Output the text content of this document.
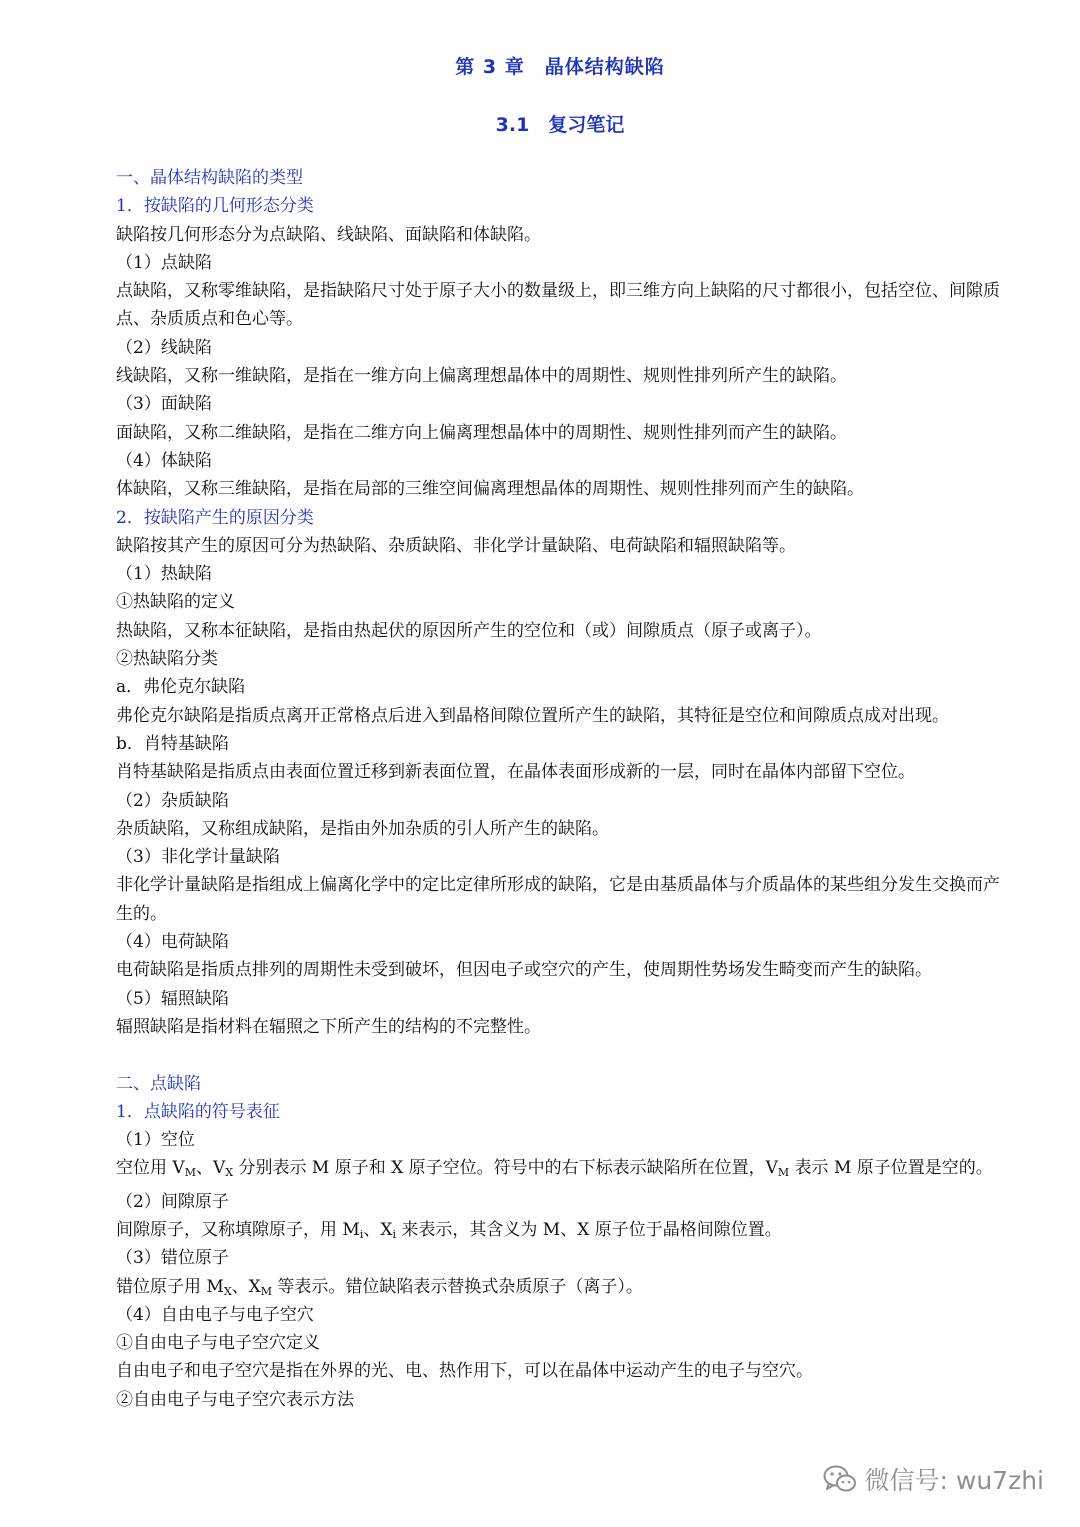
第 3 章　晶体结构缺陷
3.1　复习笔记
一、晶体结构缺陷的类型
1．按缺陷的几何形态分类
缺陷按几何形态分为点缺陷、线缺陷、面缺陷和体缺陷。
（1）点缺陷
点缺陷，又称零维缺陷，是指缺陷尺寸处于原子大小的数量级上，即三维方向上缺陷的尺寸都很小，包括空位、间隙质点、杂质质点和色心等。
（2）线缺陷
线缺陷，又称一维缺陷，是指在一维方向上偏离理想晶体中的周期性、规则性排列所产生的缺陷。
（3）面缺陷
面缺陷，又称二维缺陷，是指在二维方向上偏离理想晶体中的周期性、规则性排列而产生的缺陷。
（4）体缺陷
体缺陷，又称三维缺陷，是指在局部的三维空间偏离理想晶体的周期性、规则性排列而产生的缺陷。
2．按缺陷产生的原因分类
缺陷按其产生的原因可分为热缺陷、杂质缺陷、非化学计量缺陷、电荷缺陷和辐照缺陷等。
（1）热缺陷
①热缺陷的定义
热缺陷，又称本征缺陷，是指由热起伏的原因所产生的空位和（或）间隙质点（原子或离子）。
②热缺陷分类
a．弗伦克尔缺陷
弗伦克尔缺陷是指质点离开正常格点后进入到晶格间隙位置所产生的缺陷，其特征是空位和间隙质点成对出现。
b．肖特基缺陷
肖特基缺陷是指质点由表面位置迁移到新表面位置，在晶体表面形成新的一层，同时在晶体内部留下空位。
（2）杂质缺陷
杂质缺陷，又称组成缺陷，是指由外加杂质的引人所产生的缺陷。
（3）非化学计量缺陷
非化学计量缺陷是指组成上偏离化学中的定比定律所形成的缺陷，它是由基质晶体与介质晶体的某些组分发生交换而产生的。
（4）电荷缺陷
电荷缺陷是指质点排列的周期性未受到破坏，但因电子或空穴的产生，使周期性势场发生畸变而产生的缺陷。
（5）辐照缺陷
辐照缺陷是指材料在辐照之下所产生的结构的不完整性。
二、点缺陷
1．点缺陷的符号表征
（1）空位
空位用 $V_M$、$V_X$ 分别表示 M 原子和 X 原子空位。符号中的右下标表示缺陷所在位置，$V_M$ 表示 M 原子位置是空的。
（2）间隙原子
间隙原子，又称填隙原子，用 $M_i$、$X_i$ 来表示，其含义为 M、X 原子位于晶格间隙位置。
（3）错位原子
错位原子用 $M_X$、$X_M$ 等表示。错位缺陷表示替换式杂质原子（离子）。
（4）自由电子与电子空穴
①自由电子与电子空穴定义
自由电子和电子空穴是指在外界的光、电、热作用下，可以在晶体中运动产生的电子与空穴。
②自由电子与电子空穴表示方法
微信号: wu7zhi
